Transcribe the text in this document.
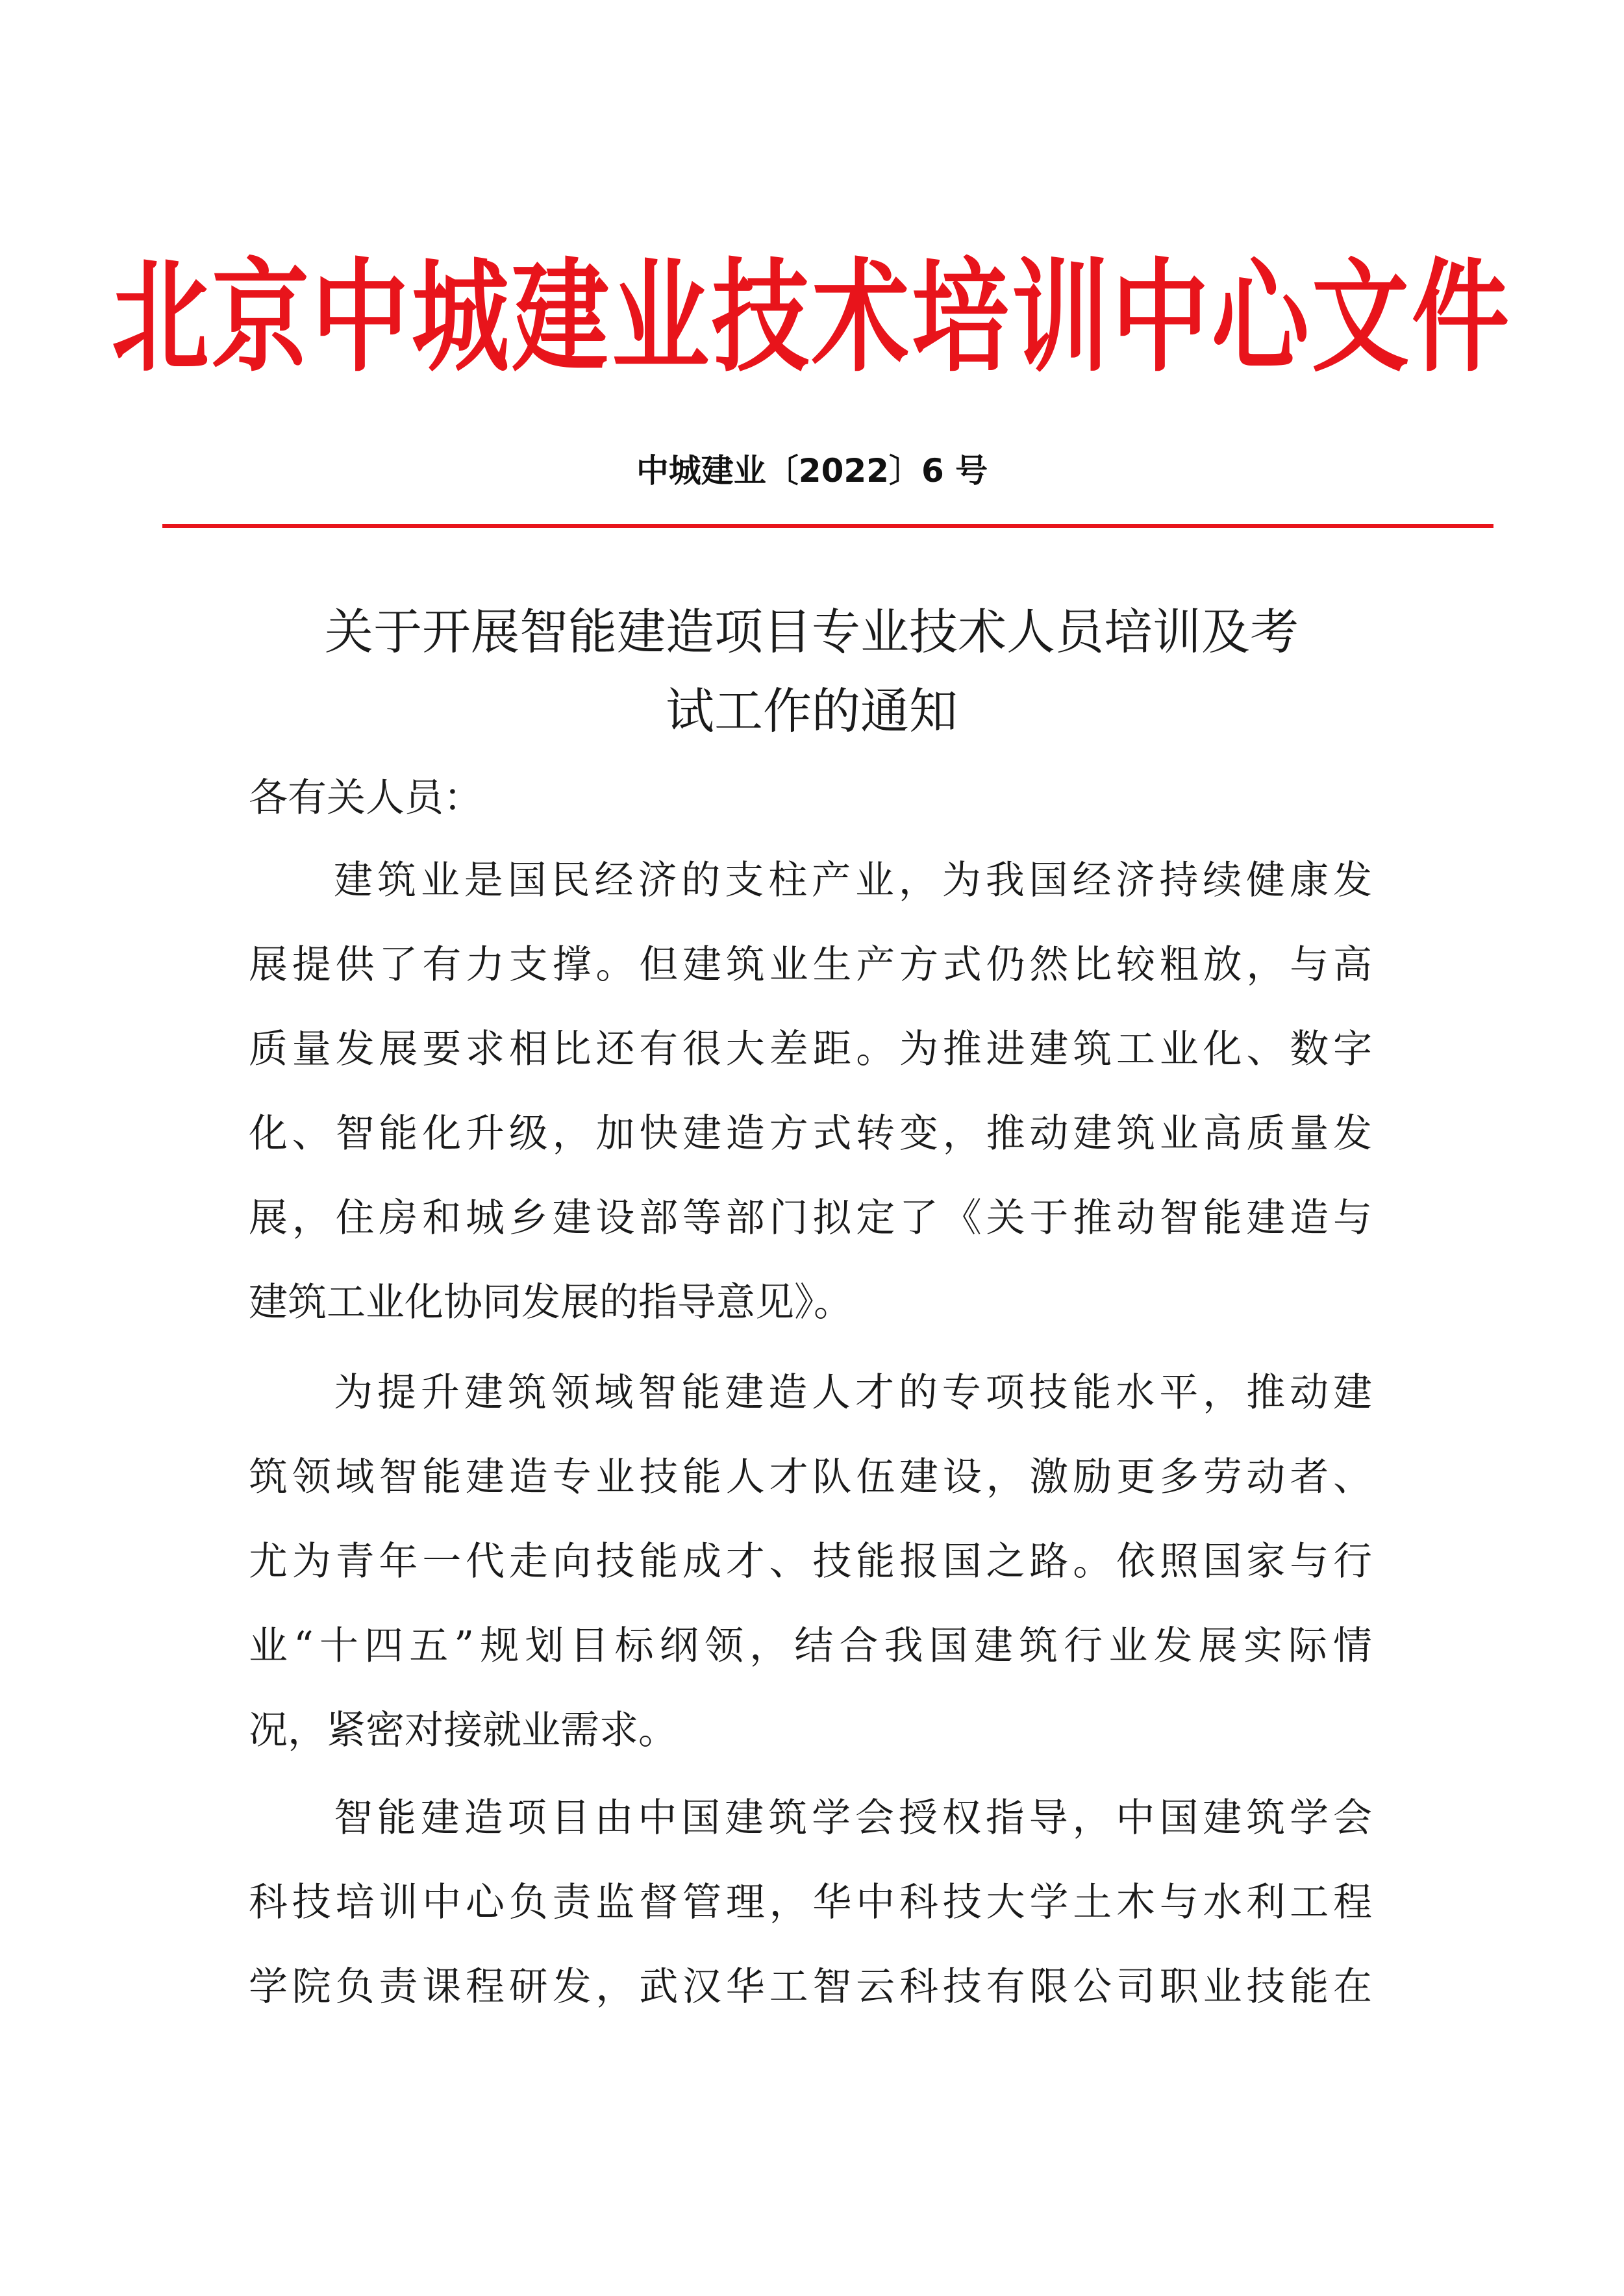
北京中城建业技术培训中心文件
中城建业〔2022〕6 号
关于开展智能建造项目专业技术人员培训及考
试工作的通知
各有关人员：
建筑业是国民经济的支柱产业，为我国经济持续健康发
展提供了有力支撑。但建筑业生产方式仍然比较粗放，与高
质量发展要求相比还有很大差距。为推进建筑工业化、数字
化、智能化升级，加快建造方式转变，推动建筑业高质量发
展，住房和城乡建设部等部门拟定了《关于推动智能建造与
建筑工业化协同发展的指导意见》。
为提升建筑领域智能建造人才的专项技能水平，推动建
筑领域智能建造专业技能人才队伍建设，激励更多劳动者、
尤为青年一代走向技能成才、技能报国之路。依照国家与行
业“十四五”规划目标纲领，结合我国建筑行业发展实际情
况，紧密对接就业需求。
智能建造项目由中国建筑学会授权指导，中国建筑学会
科技培训中心负责监督管理，华中科技大学土木与水利工程
学院负责课程研发，武汉华工智云科技有限公司职业技能在
